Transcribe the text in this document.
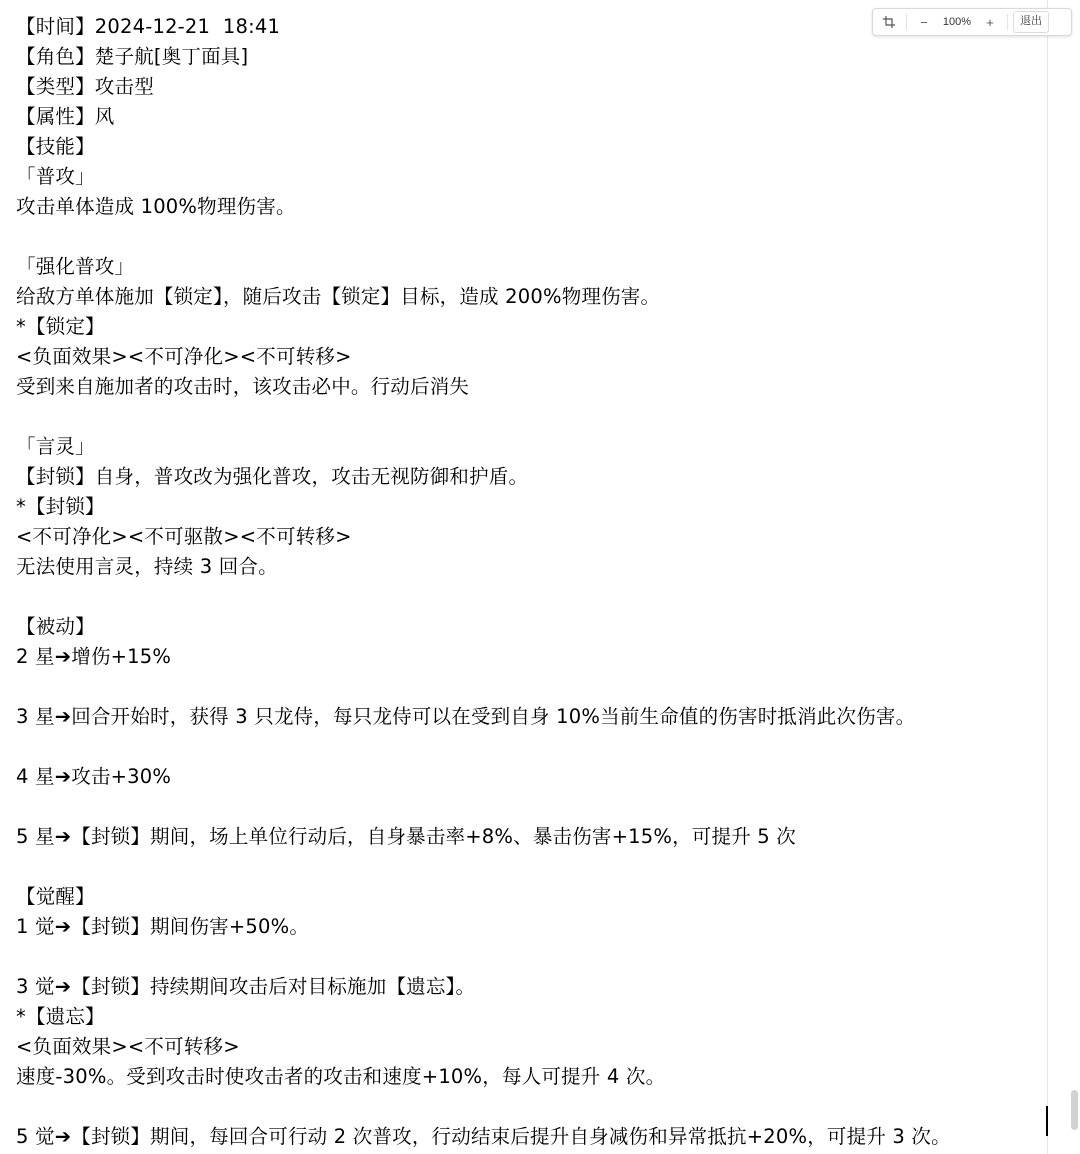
【时间】2024-12-21  18:41
【角色】楚子航[奥丁面具]
【类型】攻击型
【属性】风
【技能】
「普攻」
攻击单体造成 100%物理伤害。
「强化普攻」
给敌方单体施加【锁定】，随后攻击【锁定】目标，造成 200%物理伤害。
*【锁定】
<负面效果><不可净化><不可转移>
受到来自施加者的攻击时，该攻击必中。行动后消失
「言灵」
【封锁】自身，普攻改为强化普攻，攻击无视防御和护盾。
*【封锁】
<不可净化><不可驱散><不可转移>
无法使用言灵，持续 3 回合。
【被动】
2 星➔增伤+15%
3 星➔回合开始时，获得 3 只龙侍，每只龙侍可以在受到自身 10%当前生命值的伤害时抵消此次伤害。
4 星➔攻击+30%
5 星➔【封锁】期间，场上单位行动后，自身暴击率+8%、暴击伤害+15%，可提升 5 次
【觉醒】
1 觉➔【封锁】期间伤害+50%。
3 觉➔【封锁】持续期间攻击后对目标施加【遗忘】。
*【遗忘】
<负面效果><不可转移>
速度-30%。受到攻击时使攻击者的攻击和速度+10%，每人可提升 4 次。
5 觉➔【封锁】期间，每回合可行动 2 次普攻，行动结束后提升自身减伤和异常抵抗+20%，可提升 3 次。
−	100%	+	退出
